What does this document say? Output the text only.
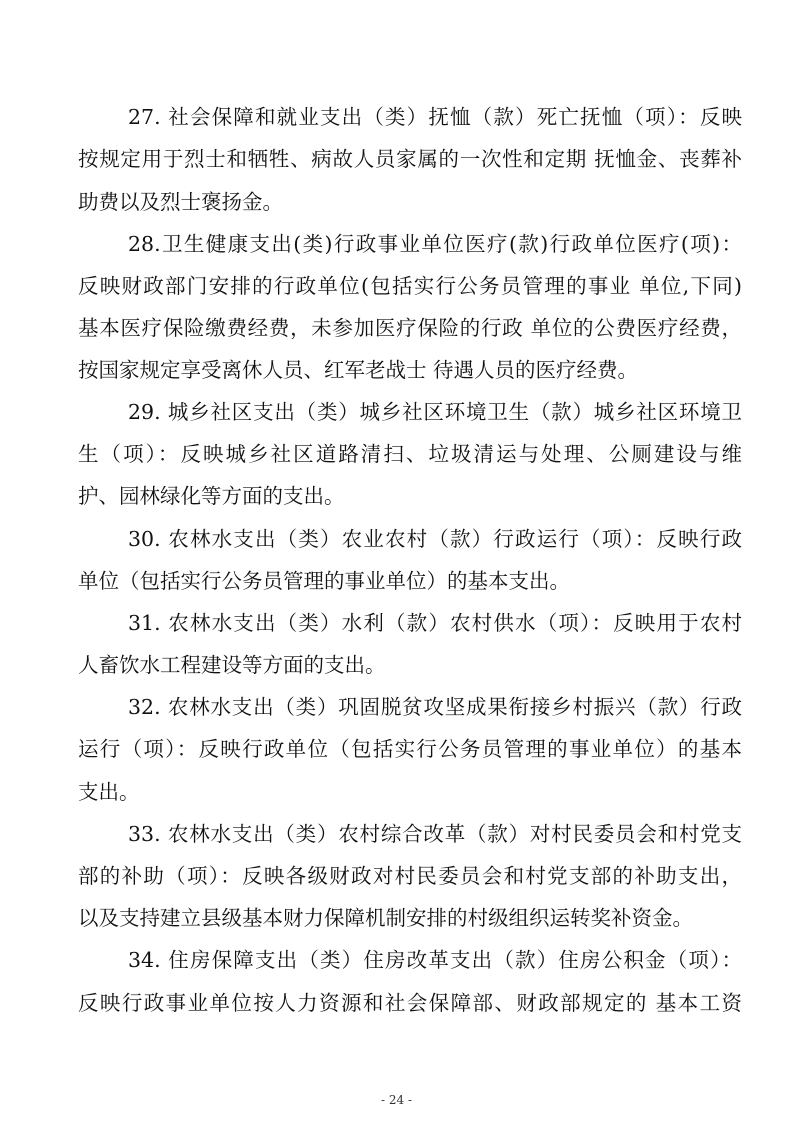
27. 社会保障和就业支出（类）抚恤（款）死亡抚恤（项）：反映
按规定用于烈士和牺牲、病故人员家属的一次性和定期 抚恤金、丧葬补
助费以及烈士褒扬金。
28.卫生健康支出(类)行政事业单位医疗(款)行政单位医疗(项)：
反映财政部门安排的行政单位(包括实行公务员管理的事业 单位,下同)
基本医疗保险缴费经费，未参加医疗保险的行政 单位的公费医疗经费，
按国家规定享受离休人员、红军老战士 待遇人员的医疗经费。
29. 城乡社区支出（类）城乡社区环境卫生（款）城乡社区环境卫
生（项）：反映城乡社区道路清扫、垃圾清运与处理、公厕建设与维
护、园林绿化等方面的支出。
30. 农林水支出（类）农业农村（款）行政运行（项）：反映行政
单位（包括实行公务员管理的事业单位）的基本支出。
31. 农林水支出（类）水利（款）农村供水（项）：反映用于农村
人畜饮水工程建设等方面的支出。
32. 农林水支出（类）巩固脱贫攻坚成果衔接乡村振兴（款）行政
运行（项）：反映行政单位（包括实行公务员管理的事业单位）的基本
支出。
33. 农林水支出（类）农村综合改革（款）对村民委员会和村党支
部的补助（项）：反映各级财政对村民委员会和村党支部的补助支出，
以及支持建立县级基本财力保障机制安排的村级组织运转奖补资金。
34. 住房保障支出（类）住房改革支出（款）住房公积金（项）：
反映行政事业单位按人力资源和社会保障部、财政部规定的 基本工资
- 24 -
